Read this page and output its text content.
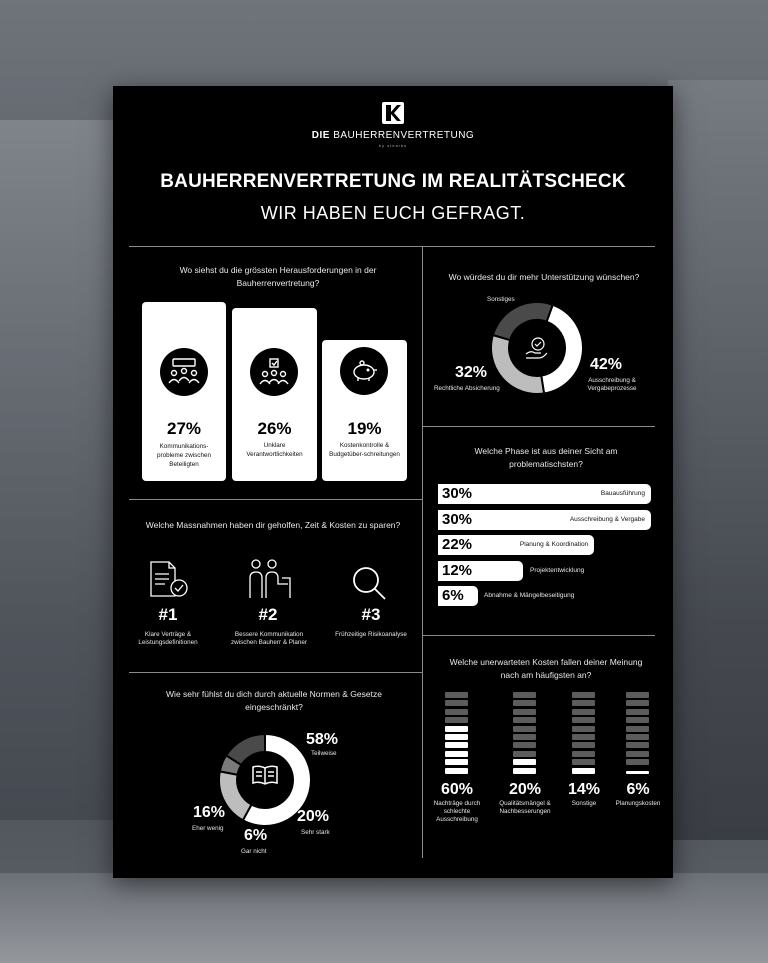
DIE BAUHERRENVERTRETUNG
by stearbs
BAUHERRENVERTRETUNG IM REALITÄTSCHECK
WIR HABEN EUCH GEFRAGT.
Wo siehst du die grössten Herausforderungen in der Bauherrenvertretung?
27%
Kommunikations-probleme zwischen Beteiligten
26%
Unklare Verantwortlichkeiten
19%
Kostenkontrolle & Budgetüber-schreitungen
Wo würdest du dir mehr Unterstützung wünschen?
Sonstiges
32%
Rechtliche Absicherung
42%
Ausschreibung & Vergabeprozesse
Welche Phase ist aus deiner Sicht am problematischsten?
30%	Bauausführung
30%	Ausschreibung & Vergabe
22%	Planung & Koordination
12%	Projektentwicklung
6%	Abnahme & Mängelbeseitigung
Welche Massnahmen haben dir geholfen, Zeit & Kosten zu sparen?
#1
Klare Verträge & Leistungsdefinitionen
#2
Bessere Kommunikation zwischen Bauherr & Planer
#3
Frühzeitige Risikoanalyse
Welche unerwarteten Kosten fallen deiner Meinung nach am häufigsten an?
60%
Nachträge durch schlechte Ausschreibung
20%
Qualitätsmängel & Nachbesserungen
14%
Sonstige
6%
Planungskosten
Wie sehr fühlst du dich durch aktuelle Normen & Gesetze eingeschränkt?
58%
Teilweise
20%
Sehr stark
6%
Gar nicht
16%
Eher wenig
